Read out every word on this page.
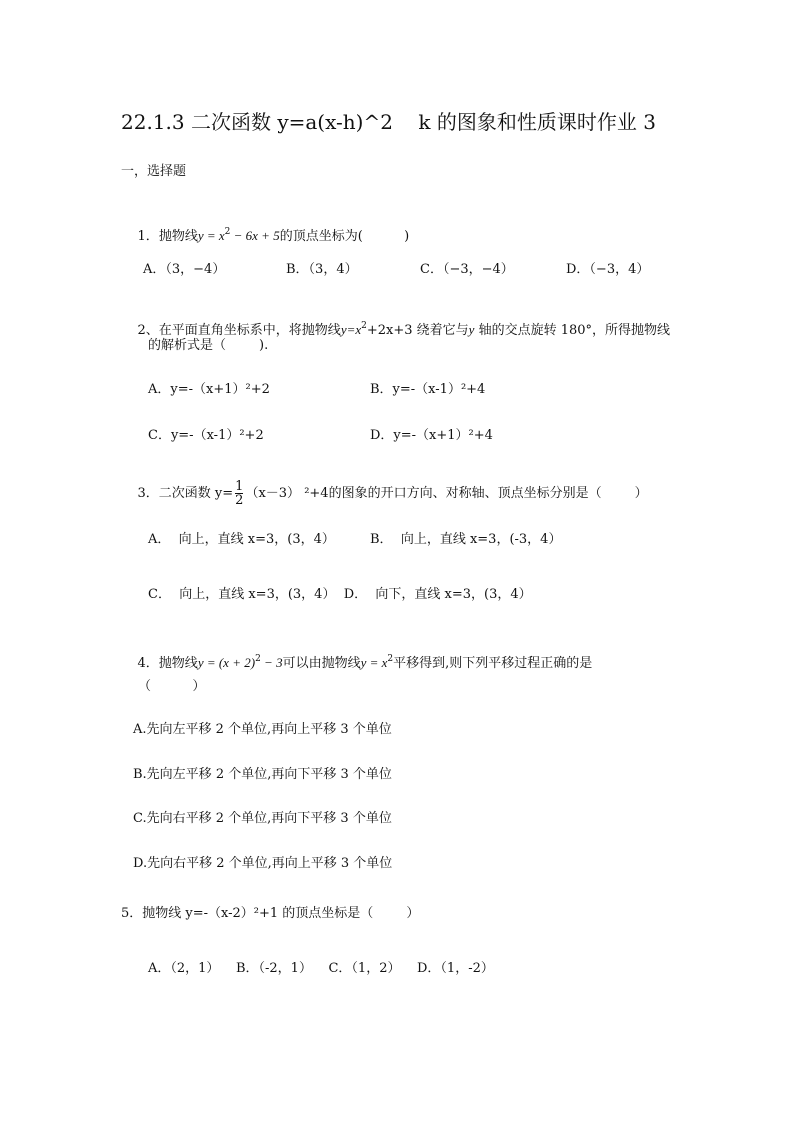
22.1.3 二次函数 y=a(x-h)^2    k 的图象和性质课时作业 3
一，选择题

1．抛物线$y = x^2 - 6x + 5$的顶点坐标为(          )

A．（3，−4）	B．（3，4）	C．（−3，−4）	D．（−3，4）

2、在平面直角坐标系中，将抛物线$y=x^2+2x+3$ 绕着它与y 轴的交点旋转 180°，所得抛物线

的解析式是（        ).
A．y=-（x+1）²+2	B．y=-（x-1）²+4
C．y=-（x-1）²+2	D．y=-（x+1）²+4

3．二次函数 $y= \frac{1}{2} (x-3)$ ²+4的图象的开口方向、对称轴、顶点坐标分别是（        ）

A．  向上，直线 x=3，(3，4）	B．  向上，直线 x=3，(-3，4）
C．  向上，直线 x=3，(3，4）  D．  向下，直线 x=3，(3，4）

4．抛物线$y = (x + 2)^2 - 3$可以由抛物线$y = x^2$平移得到,则下列平移过程正确的是

（          ）
A.先向左平移 2 个单位,再向上平移 3 个单位
B.先向左平移 2 个单位,再向下平移 3 个单位
C.先向右平移 2 个单位,再向下平移 3 个单位
D.先向右平移 2 个单位,再向上平移 3 个单位
5．抛物线 y=-（x-2）²+1 的顶点坐标是（        ）
A．（2，1）    B．（-2，1）    C．（1，2）    D．（1，-2）
